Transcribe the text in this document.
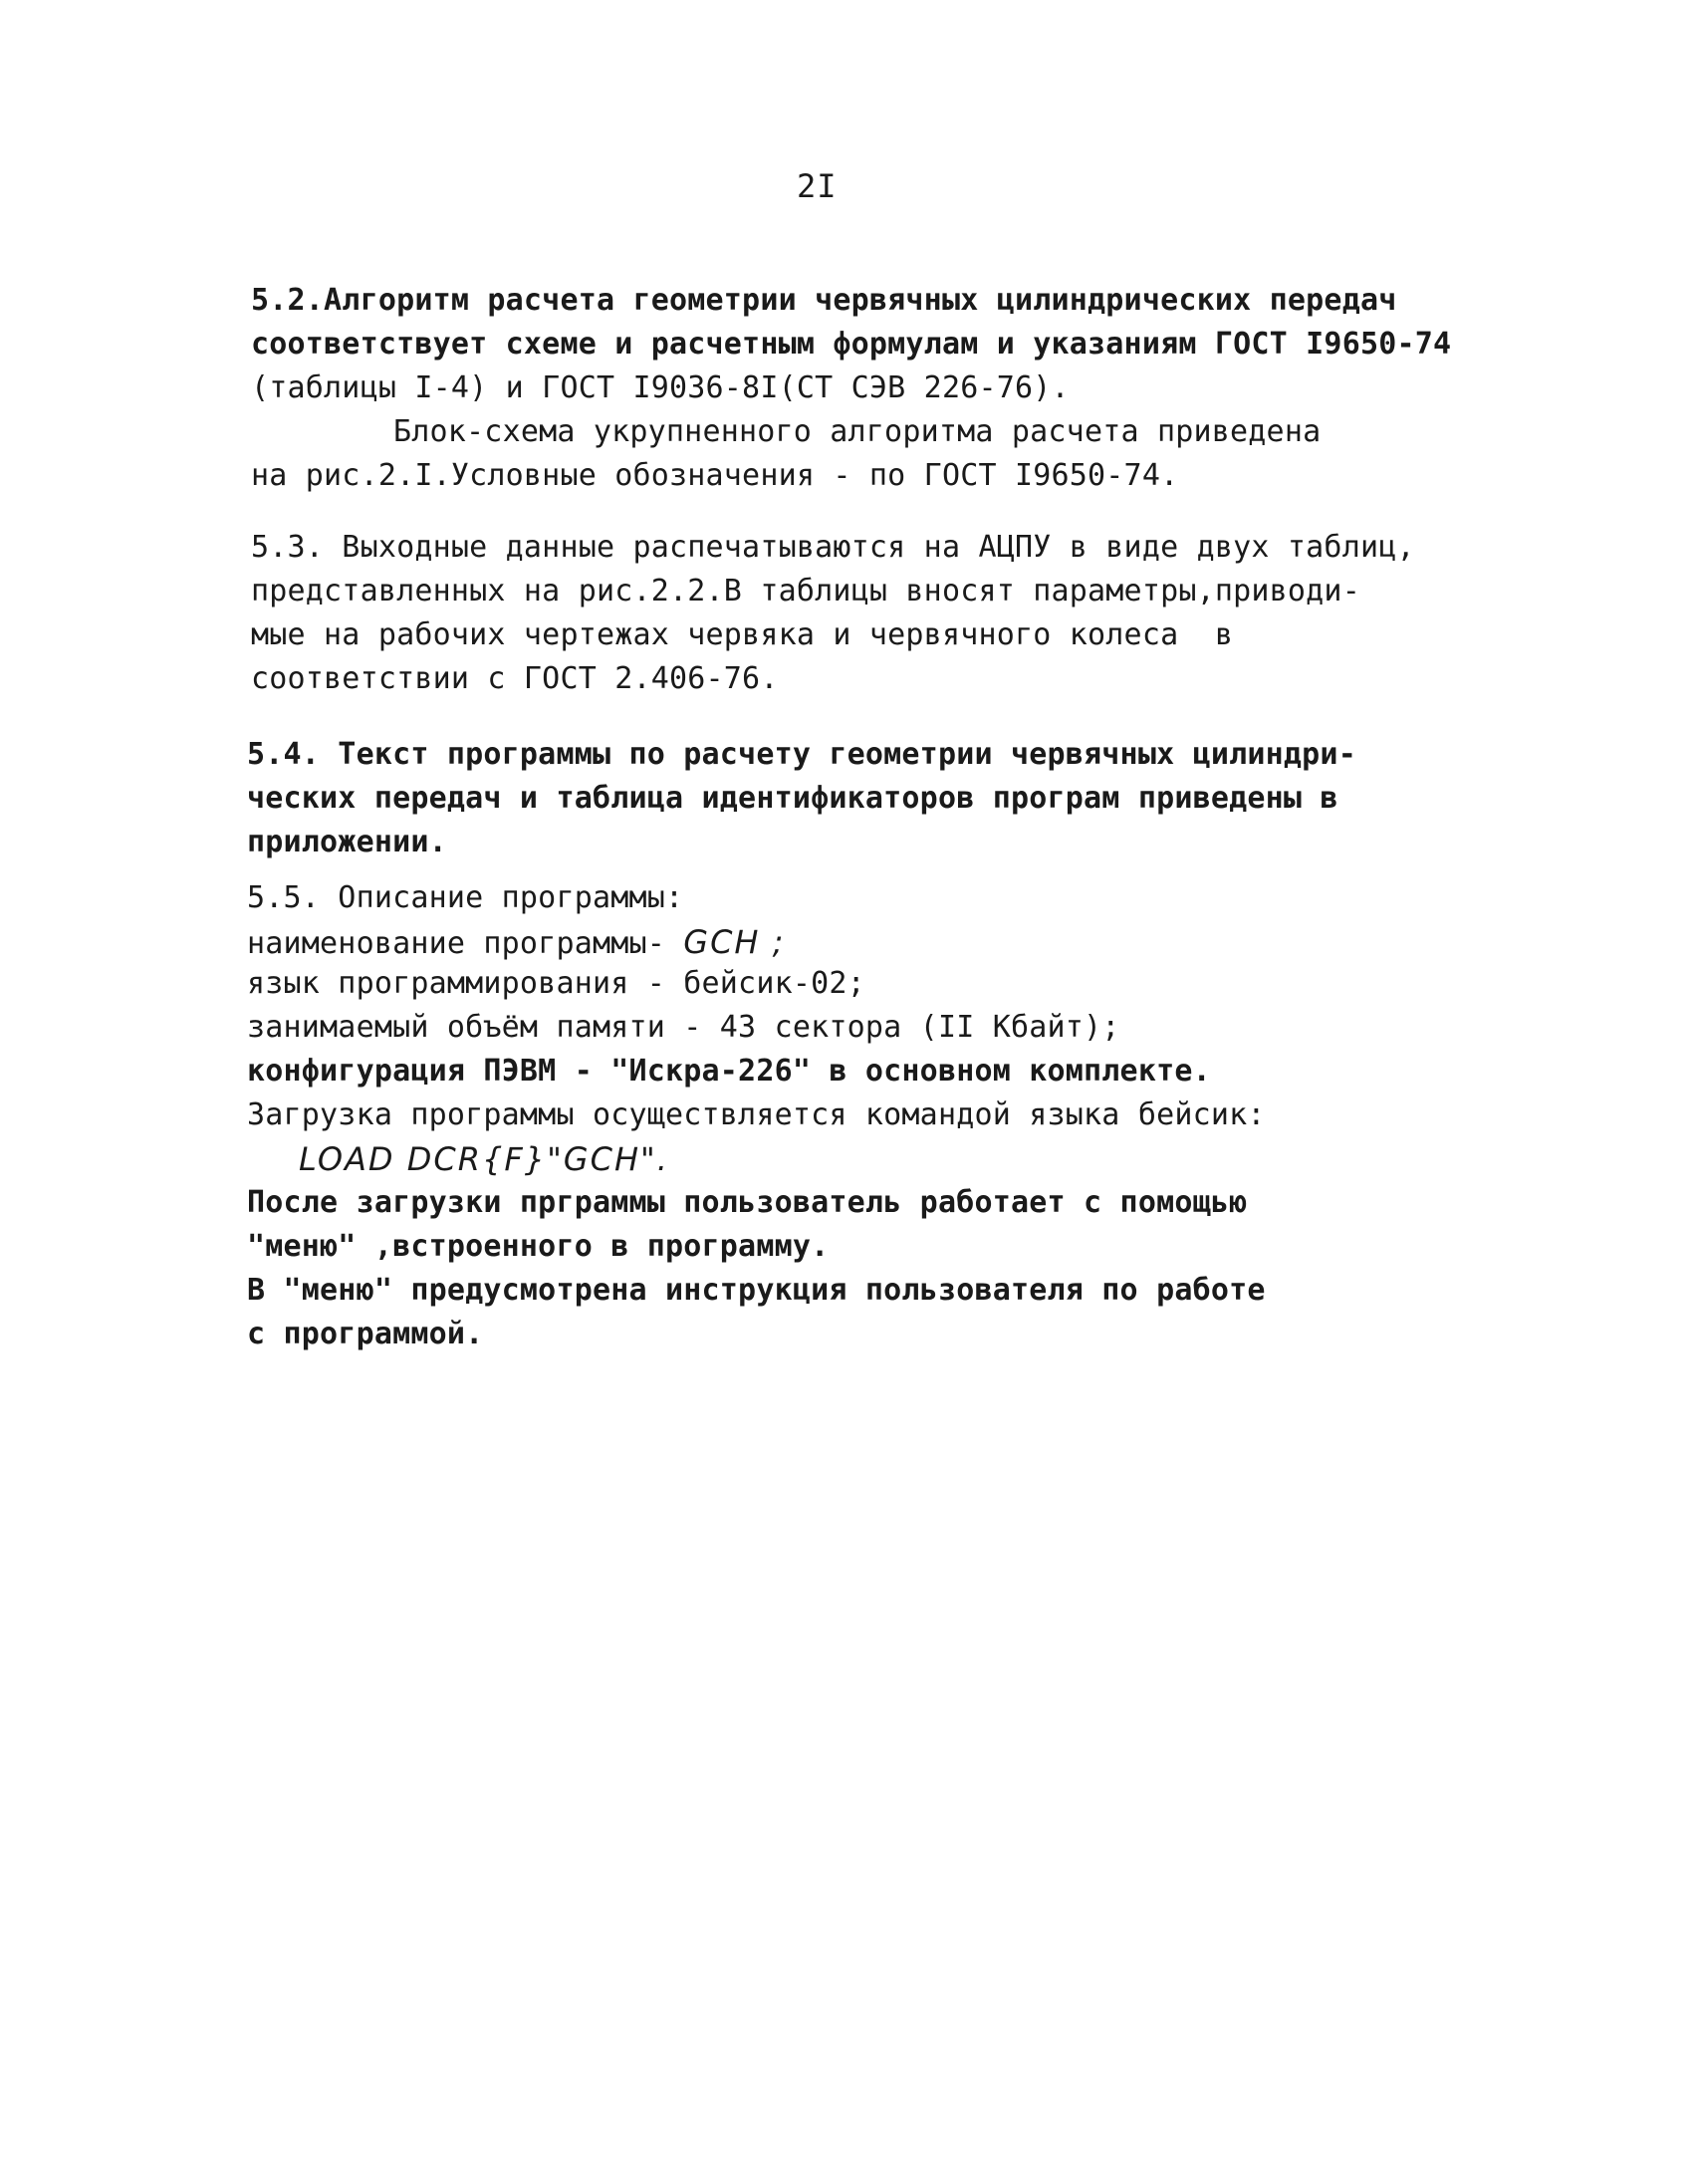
2I
5.2.Алгоритм расчета геометрии червячных цилиндрических передач
соответствует схеме и расчетным формулам и указаниям ГОСТ I9650-74
(таблицы I-4) и ГОСТ I9036-8I(СТ СЭВ 226-76).
Блок-схема укрупненного алгоритма расчета приведена
на рис.2.I.Условные обозначения - по ГОСТ I9650-74.
5.3. Выходные данные распечатываются на АЦПУ в виде двух таблиц,
представленных на рис.2.2.В таблицы вносят параметры,приводи-
мые на рабочих чертежах червяка и червячного колеса  в
соответствии с ГОСТ 2.406-76.
5.4. Текст программы по расчету геометрии червячных цилиндри-
ческих передач и таблица идентификаторов програм приведены в
приложении.
5.5. Описание программы:
наименование программы- GCH ;
язык программирования - бейсик-02;
занимаемый объём памяти - 43 сектора (II Кбайт);
конфигурация ПЭВМ - "Искра-226" в основном комплекте.
Загрузка программы осуществляется командой языка бейсик:
LOAD DCR{F}"GCH".
После загрузки прграммы пользователь работает с помощью
"меню" ,встроенного в программу.
В "меню" предусмотрена инструкция пользователя по работе
с программой.
